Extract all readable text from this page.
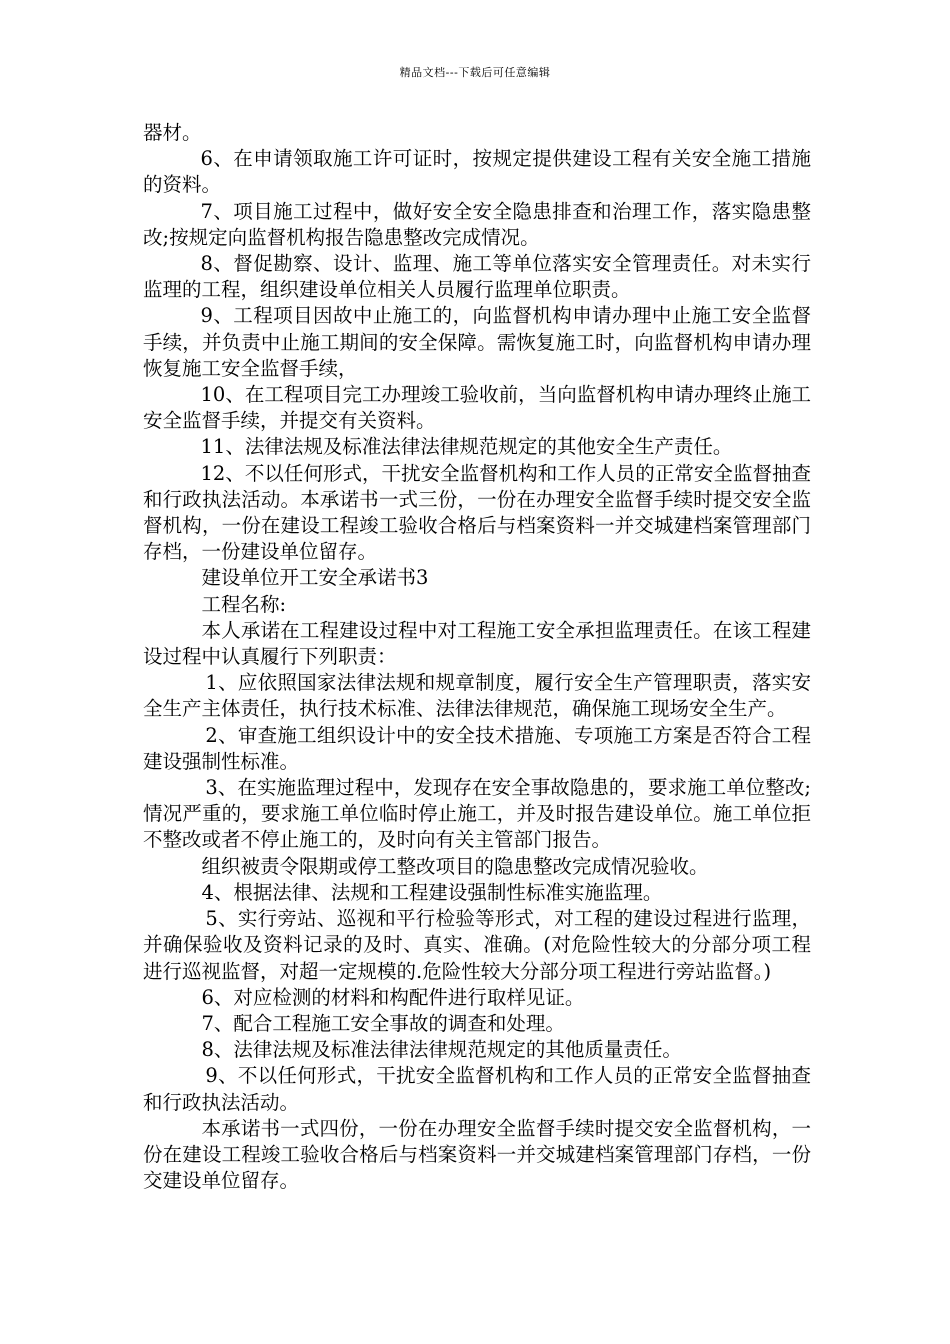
精品文档---下载后可任意编辑

器材。

6、在申请领取施工许可证时，按规定提供建设工程有关安全施工措施的资料。

7、项目施工过程中，做好安全安全隐患排查和治理工作，落实隐患整改;按规定向监督机构报告隐患整改完成情况。

8、督促勘察、设计、监理、施工等单位落实安全管理责任。对未实行监理的工程，组织建设单位相关人员履行监理单位职责。

9、工程项目因故中止施工的，向监督机构申请办理中止施工安全监督手续，并负责中止施工期间的安全保障。需恢复施工时，向监督机构申请办理恢复施工安全监督手续，

10、在工程项目完工办理竣工验收前，当向监督机构申请办理终止施工安全监督手续，并提交有关资料。

11、法律法规及标准法律法律规范规定的其他安全生产责任。

12、不以任何形式，干扰安全监督机构和工作人员的正常安全监督抽查和行政执法活动。本承诺书一式三份，一份在办理安全监督手续时提交安全监督机构，一份在建设工程竣工验收合格后与档案资料一并交城建档案管理部门存档，一份建设单位留存。

建设单位开工安全承诺书3

工程名称:

本人承诺在工程建设过程中对工程施工安全承担监理责任。在该工程建设过程中认真履行下列职责：

1、应依照国家法律法规和规章制度，履行安全生产管理职责，落实安全生产主体责任，执行技术标准、法律法律规范，确保施工现场安全生产。

2、审查施工组织设计中的安全技术措施、专项施工方案是否符合工程建设强制性标准。

3、在实施监理过程中，发现存在安全事故隐患的，要求施工单位整改;情况严重的，要求施工单位临时停止施工，并及时报告建设单位。施工单位拒不整改或者不停止施工的，及时向有关主管部门报告。

组织被责令限期或停工整改项目的隐患整改完成情况验收。

4、根据法律、法规和工程建设强制性标准实施监理。

5、实行旁站、巡视和平行检验等形式，对工程的建设过程进行监理，并确保验收及资料记录的及时、真实、准确。(对危险性较大的分部分项工程进行巡视监督，对超一定规模的.危险性较大分部分项工程进行旁站监督。)

6、对应检测的材料和构配件进行取样见证。

7、配合工程施工安全事故的调查和处理。

8、法律法规及标准法律法律规范规定的其他质量责任。

9、不以任何形式，干扰安全监督机构和工作人员的正常安全监督抽查和行政执法活动。

本承诺书一式四份，一份在办理安全监督手续时提交安全监督机构，一份在建设工程竣工验收合格后与档案资料一并交城建档案管理部门存档，一份交建设单位留存。
